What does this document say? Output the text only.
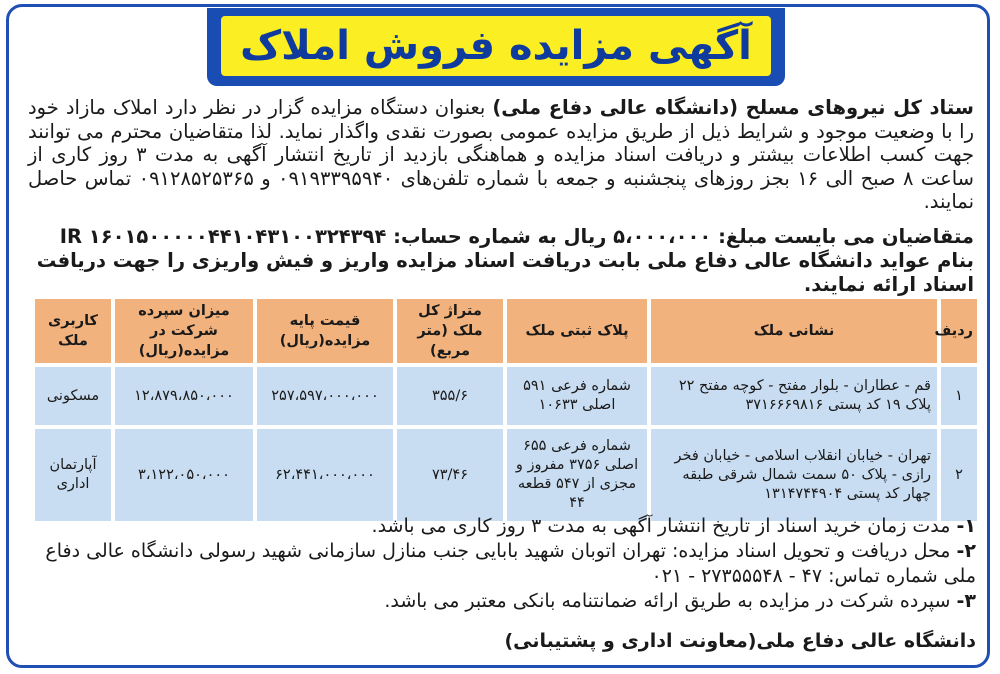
آگهی مزایده فروش املاک
ستاد کل نیروهای مسلح (دانشگاه عالی دفاع ملی) بعنوان دستگاه مزایده گزار در نظر دارد املاک مازاد خود را با وضعیت موجود و شرایط ذیل از طریق مزایده عمومی بصورت نقدی واگذار نماید. لذا متقاضیان محترم می توانند جهت کسب اطلاعات بیشتر و دریافت اسناد مزایده و هماهنگی بازدید از تاریخ انتشار آگهی به مدت ۳ روز کاری از ساعت ۸ صبح الی ۱۶ بجز روزهای پنجشنبه و جمعه با شماره تلفن‌های ۰۹۱۹۳۳۹۵۹۴۰ و ۰۹۱۲۸۵۲۵۳۶۵ تماس حاصل نمایند.
متقاضیان می بایست مبلغ: ۵،۰۰۰،۰۰۰ ریال به شماره حساب: IR ۱۶۰۱۵۰۰۰۰۰۴۴۱۰۴۳۱۰۰۳۲۴۳۹۴ بنام عواید دانشگاه عالی دفاع ملی بابت دریافت اسناد مزایده واریز و فیش واریزی را جهت دریافت اسناد ارائه نمایند.
ردیف	نشانی ملک	پلاک ثبتی ملک	متراژ کل ملک (متر مربع)	قیمت پایه مزایده(ریال)	میزان سپرده شرکت در مزایده(ریال)	کاربری ملک
۱	قم - عطاران - بلوار مفتح - کوچه مفتح ۲۲ پلاک ۱۹ کد پستی ۳۷۱۶۶۶۹۸۱۶	شماره فرعی ۵۹۱ اصلی ۱۰۶۳۳	۳۵۵/۶	۲۵۷،۵۹۷،۰۰۰،۰۰۰	۱۲،۸۷۹،۸۵۰،۰۰۰	مسکونی
۲	تهران - خیابان انقلاب اسلامی - خیابان فخر رازی - پلاک ۵۰ سمت شمال شرقی طبقه چهار کد پستی ۱۳۱۴۷۴۴۹۰۴	شماره فرعی ۶۵۵ اصلی ۳۷۵۶ مفروز و مجزی از ۵۴۷ قطعه ۴۴	۷۳/۴۶	۶۲،۴۴۱،۰۰۰،۰۰۰	۳،۱۲۲،۰۵۰،۰۰۰	آپارتمان اداری

۱- مدت زمان خرید اسناد از تاریخ انتشار آگهی به مدت ۳ روز کاری می باشد.

۲- محل دریافت و تحویل اسناد مزایده: تهران اتوبان شهید بابایی جنب منازل سازمانی شهید رسولی دانشگاه عالی دفاع ملی شماره تماس: ۴۷ - ۲۷۳۵۵۵۴۸ - ۰۲۱

۳- سپرده شرکت در مزایده به طریق ارائه ضمانتنامه بانکی معتبر می باشد.

دانشگاه عالی دفاع ملی(معاونت اداری و پشتیبانی)
